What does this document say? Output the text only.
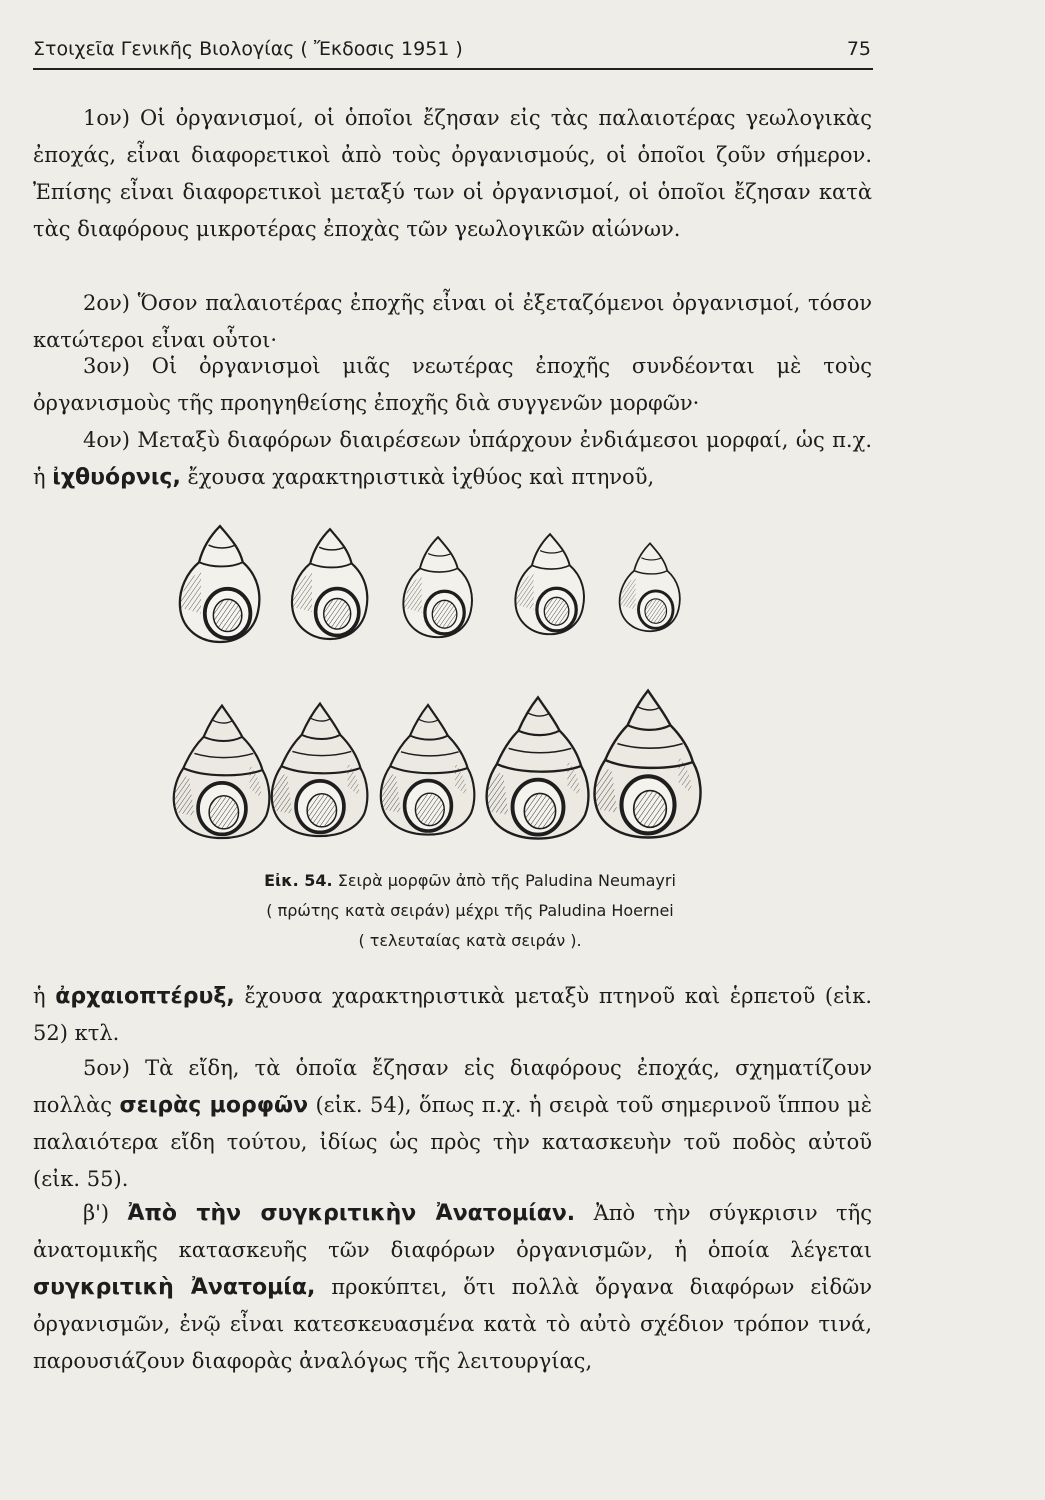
Στοιχεῖα Γενικῆς Βιολογίας ( Ἔκδοσις 1951 )	75

1ον) Οἱ ὀργανισμοί, οἱ ὁποῖοι ἔζησαν εἰς τὰς παλαιοτέρας γεωλογικὰς ἐποχάς, εἶναι διαφορετικοὶ ἀπὸ τοὺς ὀργανισμούς, οἱ ὁποῖοι ζοῦν σήμερον. Ἐπίσης εἶναι διαφορετικοὶ μεταξύ των οἱ ὀργανισμοί, οἱ ὁποῖοι ἔζησαν κατὰ τὰς διαφόρους μικροτέρας ἐποχὰς τῶν γεωλογικῶν αἰώνων.

2ον) Ὅσον παλαιοτέρας ἐποχῆς εἶναι οἱ ἐξεταζόμενοι ὀργανισμοί, τόσον κατώτεροι εἶναι οὗτοι·

3ον) Οἱ ὀργανισμοὶ μιᾶς νεωτέρας ἐποχῆς συνδέονται μὲ τοὺς ὀργανισμοὺς τῆς προηγηθείσης ἐποχῆς διὰ συγγενῶν μορφῶν·

4ον) Μεταξὺ διαφόρων διαιρέσεων ὑπάρχουν ἐνδιάμεσοι μορφαί, ὡς π.χ. ἡ ἰχθυόρνις, ἔχουσα χαρακτηριστικὰ ἰχθύος καὶ πτηνοῦ,

Εἰκ. 54. Σειρὰ μορφῶν ἀπὸ τῆς Paludina Neumayri
( πρώτης κατὰ σειράν) μέχρι τῆς Paludina Hoernei
( τελευταίας κατὰ σειράν ).

ἡ ἀρχαιοπτέρυξ, ἔχουσα χαρακτηριστικὰ μεταξὺ πτηνοῦ καὶ ἑρπετοῦ (εἰκ. 52) κτλ.

5ον) Τὰ εἴδη, τὰ ὁποῖα ἔζησαν εἰς διαφόρους ἐποχάς, σχηματίζουν πολλὰς σειρὰς μορφῶν (εἰκ. 54), ὅπως π.χ. ἡ σειρὰ τοῦ σημερινοῦ ἵππου μὲ παλαιότερα εἴδη τούτου, ἰδίως ὡς πρὸς τὴν κατασκευὴν τοῦ ποδὸς αὐτοῦ (εἰκ. 55).

β') Ἀπὸ τὴν συγκριτικὴν Ἀνατομίαν. Ἀπὸ τὴν σύγκρισιν τῆς ἀνατομικῆς κατασκευῆς τῶν διαφόρων ὀργανισμῶν, ἡ ὁποία λέγεται συγκριτικὴ Ἀνατομία, προκύπτει, ὅτι πολλὰ ὄργανα διαφόρων εἰδῶν ὀργανισμῶν, ἐνῷ εἶναι κατεσκευασμένα κατὰ τὸ αὐτὸ σχέδιον τρόπον τινά, παρουσιάζουν διαφορὰς ἀναλόγως τῆς λειτουργίας,
